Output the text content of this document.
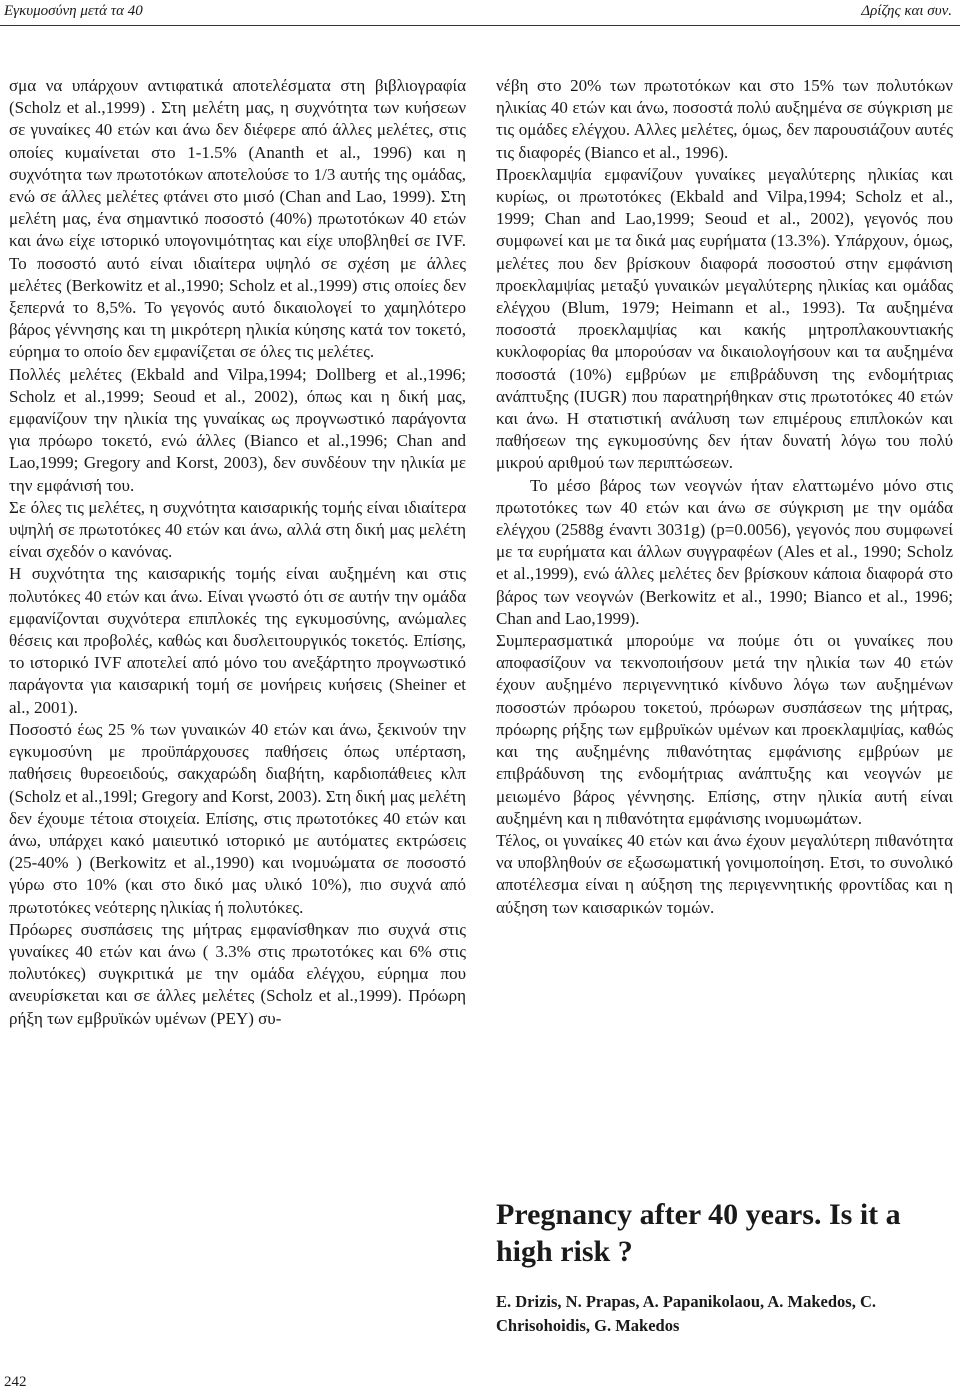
Εγκυμοσύνη μετά τα 40	Δρίζης και συν.

σμα να υπάρχουν αντιφατικά αποτελέσματα στη βιβλιογραφία (Scholz et al.,1999) . Στη μελέτη μας, η συχνότητα των κυήσεων σε γυναίκες 40 ετών και άνω δεν διέφερε από άλλες μελέτες, στις οποίες κυμαίνεται στο 1-1.5% (Ananth et al., 1996) και η συχνότητα των πρωτοτόκων αποτελούσε το 1/3 αυτής της ομάδας, ενώ σε άλλες μελέτες φτάνει στο μισό (Chan and Lao, 1999). Στη μελέτη μας, ένα σημαντικό ποσοστό (40%) πρωτοτόκων 40 ετών και άνω είχε ιστορικό υπογονιμότητας και είχε υποβληθεί σε IVF. Το ποσοστό αυτό είναι ιδιαίτερα υψηλό σε σχέση με άλλες μελέτες (Berkowitz et al.,1990; Scholz et al.,1999) στις οποίες δεν ξεπερνά το 8,5%. Το γεγονός αυτό δικαιολογεί το χαμηλότερο βάρος γέννησης και τη μικρότερη ηλικία κύησης κατά τον τοκετό, εύρημα το οποίο δεν εμφανίζεται σε όλες τις μελέτες.

Πολλές μελέτες (Ekbald and Vilpa,1994; Dollberg et al.,1996; Scholz et al.,1999; Seoud et al., 2002), όπως και η δική μας, εμφανίζουν την ηλικία της γυναίκας ως προγνωστικό παράγοντα για πρόωρο τοκετό, ενώ άλλες (Bianco et al.,1996; Chan and Lao,1999; Gregory and Korst, 2003), δεν συνδέουν την ηλικία με την εμφάνισή του.

Σε όλες τις μελέτες, η συχνότητα καισαρικής τομής είναι ιδιαίτερα υψηλή σε πρωτοτόκες 40 ετών και άνω, αλλά στη δική μας μελέτη είναι σχεδόν ο κανόνας.

Η συχνότητα της καισαρικής τομής είναι αυξημένη και στις πολυτόκες 40 ετών και άνω. Είναι γνωστό ότι σε αυτήν την ομάδα εμφανίζονται συχνότερα επιπλοκές της εγκυμοσύνης, ανώμαλες θέσεις και προβολές, καθώς και δυσλειτουργικός τοκετός. Επίσης, το ιστορικό IVF αποτελεί από μόνο του ανεξάρτητο προγνωστικό παράγοντα για καισαρική τομή σε μονήρεις κυήσεις (Sheiner et al., 2001).

Ποσοστό έως 25 % των γυναικών 40 ετών και άνω, ξεκινούν την εγκυμοσύνη με προϋπάρχουσες παθήσεις όπως υπέρταση, παθήσεις θυρεοειδούς, σακχαρώδη διαβήτη, καρδιοπάθειες κλπ (Scholz et al.,199l; Gregory and Korst, 2003). Στη δική μας μελέτη δεν έχουμε τέτοια στοιχεία. Επίσης, στις πρωτοτόκες 40 ετών και άνω, υπάρχει κακό μαιευτικό ιστορικό με αυτόματες εκτρώσεις (25-40% ) (Berkowitz et al.,1990) και ινομυώματα σε ποσοστό γύρω στο 10% (και στο δικό μας υλικό 10%), πιο συχνά από πρωτοτόκες νεότερης ηλικίας ή πολυτόκες.

Πρόωρες συσπάσεις της μήτρας εμφανίσθηκαν πιο συχνά στις γυναίκες 40 ετών και άνω ( 3.3% στις πρωτοτόκες και 6% στις πολυτόκες) συγκριτικά με την ομάδα ελέγχου, εύρημα που ανευρίσκεται και σε άλλες μελέτες (Scholz et al.,1999). Πρόωρη ρήξη των εμβρυϊκών υμένων (ΡΕΥ) συ-

νέβη στο 20% των πρωτοτόκων και στο 15% των πολυτόκων ηλικίας 40 ετών και άνω, ποσοστά πολύ αυξημένα σε σύγκριση με τις ομάδες ελέγχου. Αλλες μελέτες, όμως, δεν παρουσιάζουν αυτές τις διαφορές (Bianco et al., 1996).

Προεκλαμψία εμφανίζουν γυναίκες μεγαλύτερης ηλικίας και κυρίως, οι πρωτοτόκες (Ekbald and Vilpa,1994; Scholz et al., 1999; Chan and Lao,1999; Seoud et al., 2002), γεγονός που συμφωνεί και με τα δικά μας ευρήματα (13.3%). Υπάρχουν, όμως, μελέτες που δεν βρίσκουν διαφορά ποσοστού στην εμφάνιση προεκλαμψίας μεταξύ γυναικών μεγαλύτερης ηλικίας και ομάδας ελέγχου (Blum, 1979; Heimann et al., 1993). Τα αυξημένα ποσοστά προεκλαμψίας και κακής μητροπλακουντιακής κυκλοφορίας θα μπορούσαν να δικαιολογήσουν και τα αυξημένα ποσοστά (10%) εμβρύων με επιβράδυνση της ενδομήτριας ανάπτυξης (IUGR) που παρατηρήθηκαν στις πρωτοτόκες 40 ετών και άνω. Η στατιστική ανάλυση των επιμέρους επιπλοκών και παθήσεων της εγκυμοσύνης δεν ήταν δυνατή λόγω του πολύ μικρού αριθμού των περιπτώσεων.

Το μέσο βάρος των νεογνών ήταν ελαττωμένο μόνο στις πρωτοτόκες των 40 ετών και άνω σε σύγκριση με την ομάδα ελέγχου (2588g έναντι 3031g) (p=0.0056), γεγονός που συμφωνεί με τα ευρήματα και άλλων συγγραφέων (Ales et al., 1990; Scholz et al.,1999), ενώ άλλες μελέτες δεν βρίσκουν κάποια διαφορά στο βάρος των νεογνών (Berkowitz et al., 1990; Bianco et al., 1996; Chan and Lao,1999).

Συμπερασματικά μπορούμε να πούμε ότι οι γυναίκες που αποφασίζουν να τεκνοποιήσουν μετά την ηλικία των 40 ετών έχουν αυξημένο περιγεννητικό κίνδυνο λόγω των αυξημένων ποσοστών πρόωρου τοκετού, πρόωρων συσπάσεων της μήτρας, πρόωρης ρήξης των εμβρυϊκών υμένων και προεκλαμψίας, καθώς και της αυξημένης πιθανότητας εμφάνισης εμβρύων με επιβράδυνση της ενδομήτριας ανάπτυξης και νεογνών με μειωμένο βάρος γέννησης. Επίσης, στην ηλικία αυτή είναι αυξημένη και η πιθανότητα εμφάνισης ινομυωμάτων.

Τέλος, οι γυναίκες 40 ετών και άνω έχουν μεγαλύτερη πιθανότητα να υποβληθούν σε εξωσωματική γονιμοποίηση. Ετσι, το συνολικό αποτέλεσμα είναι η αύξηση της περιγεννητικής φροντίδας και η αύξηση των καισαρικών τομών.

Pregnancy after 40 years. Is it a high risk ?
E. Drizis, N. Prapas, A. Papanikolaou, A. Makedos, C. Chrisohoidis, G. Makedos
242
